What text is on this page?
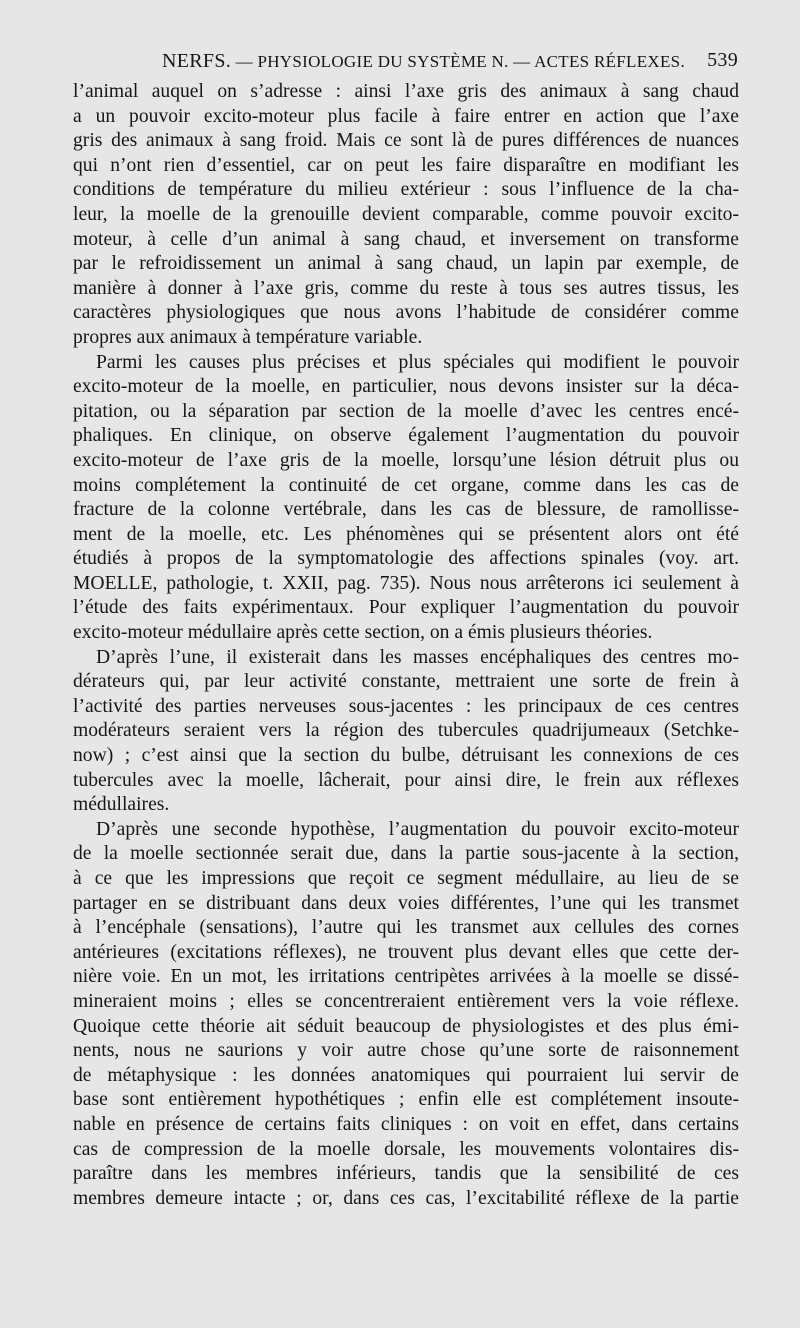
NERFS. — PHYSIOLOGIE DU SYSTÈME N. — ACTES RÉFLEXES. 539
l’animal auquel on s’adresse : ainsi l’axe gris des animaux à sang chaud
a un pouvoir excito-moteur plus facile à faire entrer en action que l’axe
gris des animaux à sang froid. Mais ce sont là de pures différences de nuances
qui n’ont rien d’essentiel, car on peut les faire disparaître en modifiant les
conditions de température du milieu extérieur : sous l’influence de la cha-
leur, la moelle de la grenouille devient comparable, comme pouvoir excito-
moteur, à celle d’un animal à sang chaud, et inversement on transforme
par le refroidissement un animal à sang chaud, un lapin par exemple, de
manière à donner à l’axe gris, comme du reste à tous ses autres tissus, les
caractères physiologiques que nous avons l’habitude de considérer comme
propres aux animaux à température variable.
Parmi les causes plus précises et plus spéciales qui modifient le pouvoir
excito-moteur de la moelle, en particulier, nous devons insister sur la déca-
pitation, ou la séparation par section de la moelle d’avec les centres encé-
phaliques. En clinique, on observe également l’augmentation du pouvoir
excito-moteur de l’axe gris de la moelle, lorsqu’une lésion détruit plus ou
moins complétement la continuité de cet organe, comme dans les cas de
fracture de la colonne vertébrale, dans les cas de blessure, de ramollisse-
ment de la moelle, etc. Les phénomènes qui se présentent alors ont été
étudiés à propos de la symptomatologie des affections spinales (voy. art.
MOELLE, pathologie, t. XXII, pag. 735). Nous nous arrêterons ici seulement à
l’étude des faits expérimentaux. Pour expliquer l’augmentation du pouvoir
excito-moteur médullaire après cette section, on a émis plusieurs théories.
D’après l’une, il existerait dans les masses encéphaliques des centres mo-
dérateurs qui, par leur activité constante, mettraient une sorte de frein à
l’activité des parties nerveuses sous-jacentes : les principaux de ces centres
modérateurs seraient vers la région des tubercules quadrijumeaux (Setchke-
now) ; c’est ainsi que la section du bulbe, détruisant les connexions de ces
tubercules avec la moelle, lâcherait, pour ainsi dire, le frein aux réflexes
médullaires.
D’après une seconde hypothèse, l’augmentation du pouvoir excito-moteur
de la moelle sectionnée serait due, dans la partie sous-jacente à la section,
à ce que les impressions que reçoit ce segment médullaire, au lieu de se
partager en se distribuant dans deux voies différentes, l’une qui les transmet
à l’encéphale (sensations), l’autre qui les transmet aux cellules des cornes
antérieures (excitations réflexes), ne trouvent plus devant elles que cette der-
nière voie. En un mot, les irritations centripètes arrivées à la moelle se dissé-
mineraient moins ; elles se concentreraient entièrement vers la voie réflexe.
Quoique cette théorie ait séduit beaucoup de physiologistes et des plus émi-
nents, nous ne saurions y voir autre chose qu’une sorte de raisonnement
de métaphysique : les données anatomiques qui pourraient lui servir de
base sont entièrement hypothétiques ; enfin elle est complétement insoute-
nable en présence de certains faits cliniques : on voit en effet, dans certains
cas de compression de la moelle dorsale, les mouvements volontaires dis-
paraître dans les membres inférieurs, tandis que la sensibilité de ces
membres demeure intacte ; or, dans ces cas, l’excitabilité réflexe de la partie
